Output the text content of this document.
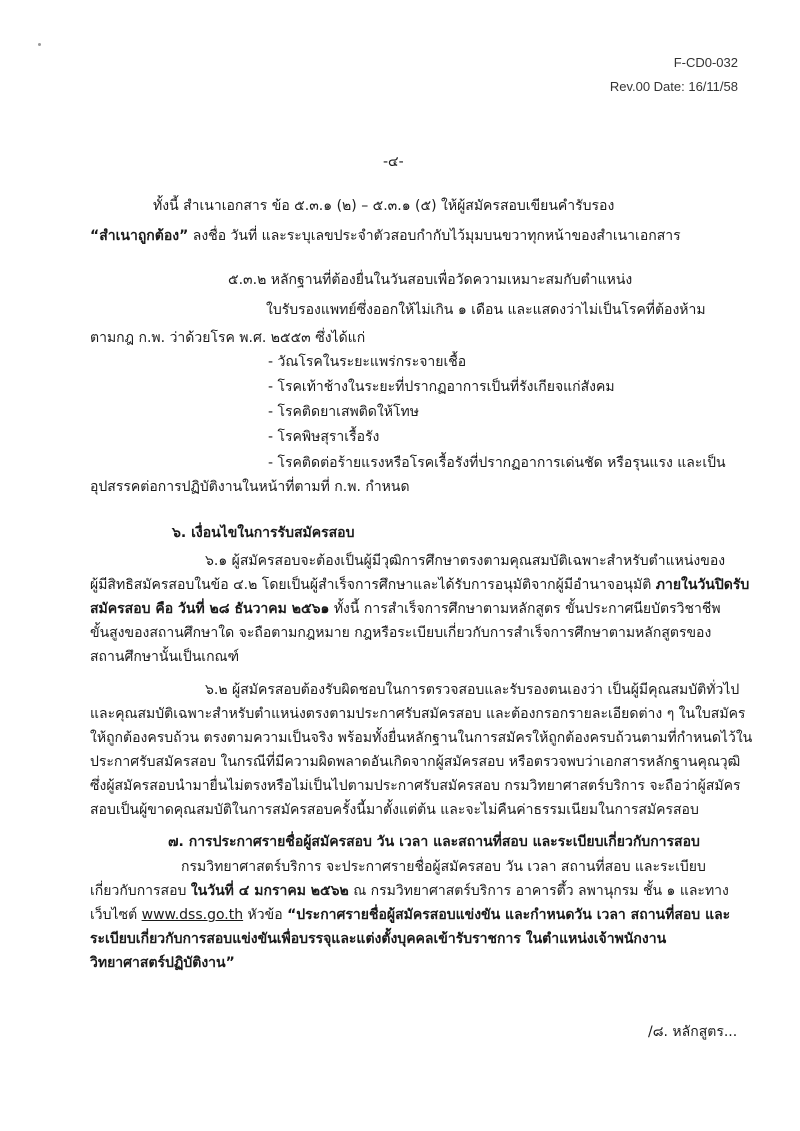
F-CD0-032
Rev.00 Date: 16/11/58
-๔-
ทั้งนี้ สำเนาเอกสาร ข้อ ๕.๓.๑ (๒) – ๕.๓.๑ (๕) ให้ผู้สมัครสอบเขียนคำรับรอง
“สำเนาถูกต้อง” ลงชื่อ วันที่ และระบุเลขประจำตัวสอบกำกับไว้มุมบนขวาทุกหน้าของสำเนาเอกสาร
๕.๓.๒ หลักฐานที่ต้องยื่นในวันสอบเพื่อวัดความเหมาะสมกับตำแหน่ง
ใบรับรองแพทย์ซึ่งออกให้ไม่เกิน ๑ เดือน และแสดงว่าไม่เป็นโรคที่ต้องห้าม
ตามกฎ ก.พ. ว่าด้วยโรค พ.ศ. ๒๕๕๓ ซึ่งได้แก่
- วัณโรคในระยะแพร่กระจายเชื้อ
- โรคเท้าช้างในระยะที่ปรากฏอาการเป็นที่รังเกียจแก่สังคม
- โรคติดยาเสพติดให้โทษ
- โรคพิษสุราเรื้อรัง
- โรคติดต่อร้ายแรงหรือโรคเรื้อรังที่ปรากฏอาการเด่นชัด หรือรุนแรง และเป็น
อุปสรรคต่อการปฏิบัติงานในหน้าที่ตามที่ ก.พ. กำหนด
๖. เงื่อนไขในการรับสมัครสอบ
๖.๑ ผู้สมัครสอบจะต้องเป็นผู้มีวุฒิการศึกษาตรงตามคุณสมบัติเฉพาะสำหรับตำแหน่งของ
ผู้มีสิทธิสมัครสอบในข้อ ๔.๒ โดยเป็นผู้สำเร็จการศึกษาและได้รับการอนุมัติจากผู้มีอำนาจอนุมัติ ภายในวันปิดรับ
สมัครสอบ คือ วันที่ ๒๘ ธันวาคม ๒๕๖๑ ทั้งนี้ การสำเร็จการศึกษาตามหลักสูตร ขั้นประกาศนียบัตรวิชาชีพ
ขั้นสูงของสถานศึกษาใด จะถือตามกฎหมาย กฎหรือระเบียบเกี่ยวกับการสำเร็จการศึกษาตามหลักสูตรของ
สถานศึกษานั้นเป็นเกณฑ์
๖.๒ ผู้สมัครสอบต้องรับผิดชอบในการตรวจสอบและรับรองตนเองว่า เป็นผู้มีคุณสมบัติทั่วไป
และคุณสมบัติเฉพาะสำหรับตำแหน่งตรงตามประกาศรับสมัครสอบ และต้องกรอกรายละเอียดต่าง ๆ ในใบสมัคร
ให้ถูกต้องครบถ้วน ตรงตามความเป็นจริง พร้อมทั้งยื่นหลักฐานในการสมัครให้ถูกต้องครบถ้วนตามที่กำหนดไว้ใน
ประกาศรับสมัครสอบ ในกรณีที่มีความผิดพลาดอันเกิดจากผู้สมัครสอบ หรือตรวจพบว่าเอกสารหลักฐานคุณวุฒิ
ซึ่งผู้สมัครสอบนำมายื่นไม่ตรงหรือไม่เป็นไปตามประกาศรับสมัครสอบ กรมวิทยาศาสตร์บริการ จะถือว่าผู้สมัคร
สอบเป็นผู้ขาดคุณสมบัติในการสมัครสอบครั้งนี้มาตั้งแต่ต้น และจะไม่คืนค่าธรรมเนียมในการสมัครสอบ
๗. การประกาศรายชื่อผู้สมัครสอบ วัน เวลา และสถานที่สอบ และระเบียบเกี่ยวกับการสอบ
กรมวิทยาศาสตร์บริการ จะประกาศรายชื่อผู้สมัครสอบ วัน เวลา สถานที่สอบ และระเบียบ
เกี่ยวกับการสอบ ในวันที่ ๔ มกราคม ๒๕๖๒ ณ กรมวิทยาศาสตร์บริการ อาคารตึ้ว ลพานุกรม ชั้น ๑ และทาง
เว็บไซต์ www.dss.go.th หัวข้อ “ประกาศรายชื่อผู้สมัครสอบแข่งขัน และกำหนดวัน เวลา สถานที่สอบ และ
ระเบียบเกี่ยวกับการสอบแข่งขันเพื่อบรรจุและแต่งตั้งบุคคลเข้ารับราชการ ในตำแหน่งเจ้าพนักงาน
วิทยาศาสตร์ปฏิบัติงาน”
/๘. หลักสูตร...
